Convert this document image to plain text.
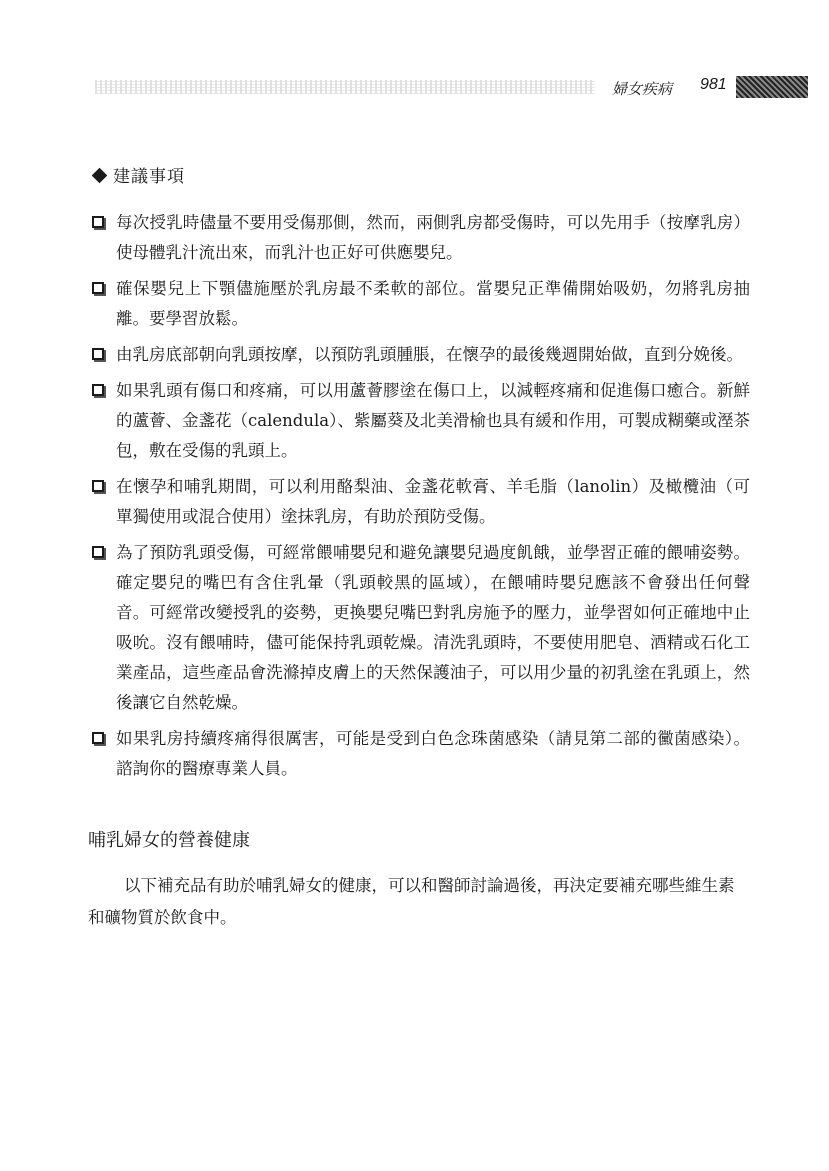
婦女疾病 981
建議事項
每次授乳時儘量不要用受傷那側，然而，兩側乳房都受傷時，可以先用手（按摩乳房）使母體乳汁流出來，而乳汁也正好可供應嬰兒。
確保嬰兒上下顎儘施壓於乳房最不柔軟的部位。當嬰兒正準備開始吸奶，勿將乳房抽離。要學習放鬆。
由乳房底部朝向乳頭按摩，以預防乳頭腫脹，在懷孕的最後幾週開始做，直到分娩後。
如果乳頭有傷口和疼痛，可以用蘆薈膠塗在傷口上，以減輕疼痛和促進傷口癒合。新鮮的蘆薈、金盞花（calendula）、紫屬葵及北美滑榆也具有緩和作用，可製成糊藥或溼茶包，敷在受傷的乳頭上。
在懷孕和哺乳期間，可以利用酪梨油、金盞花軟膏、羊毛脂（lanolin）及橄欖油（可單獨使用或混合使用）塗抹乳房，有助於預防受傷。
為了預防乳頭受傷，可經常餵哺嬰兒和避免讓嬰兒過度飢餓，並學習正確的餵哺姿勢。確定嬰兒的嘴巴有含住乳暈（乳頭較黑的區域），在餵哺時嬰兒應該不會發出任何聲音。可經常改變授乳的姿勢，更換嬰兒嘴巴對乳房施予的壓力，並學習如何正確地中止吸吮。沒有餵哺時，儘可能保持乳頭乾燥。清洗乳頭時，不要使用肥皂、酒精或石化工業產品，這些產品會洗滌掉皮膚上的天然保護油子，可以用少量的初乳塗在乳頭上，然後讓它自然乾燥。
如果乳房持續疼痛得很厲害，可能是受到白色念珠菌感染（請見第二部的黴菌感染）。諮詢你的醫療專業人員。
哺乳婦女的營養健康

以下補充品有助於哺乳婦女的健康，可以和醫師討論過後，再決定要補充哪些維生素和礦物質於飲食中。
